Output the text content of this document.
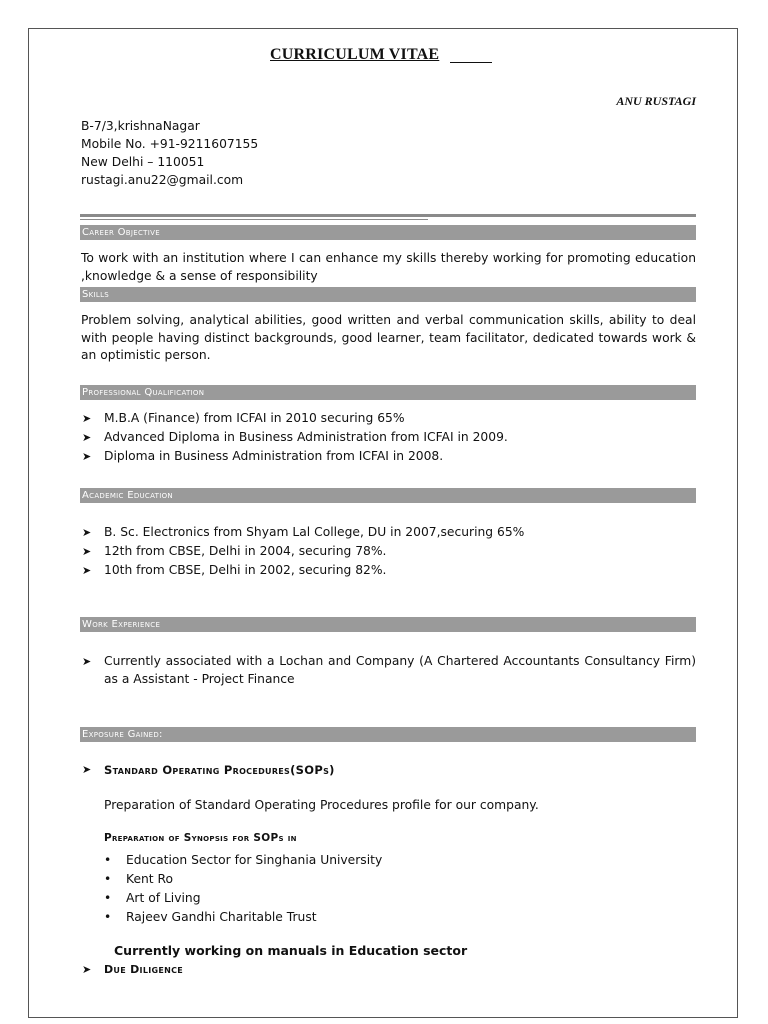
CURRICULUM VITAE
ANU RUSTAGI
B-7/3,krishnaNagar
Mobile No. +91-9211607155
New Delhi – 110051
rustagi.anu22@gmail.com
Career Objective
To work with an institution where I can enhance my skills thereby working for promoting education ,knowledge & a sense of responsibility
Skills
Problem solving, analytical abilities, good written and verbal communication skills, ability to deal with people having distinct backgrounds, good learner, team facilitator, dedicated towards work & an optimistic person.
Professional Qualification
➤ M.B.A (Finance) from ICFAI in 2010 securing 65%
➤ Advanced Diploma in Business Administration from ICFAI in 2009.
➤ Diploma in Business Administration from ICFAI in 2008.
Academic Education
➤ B. Sc. Electronics from Shyam Lal College, DU in 2007,securing 65%
➤ 12th from CBSE, Delhi in 2004, securing 78%.
➤ 10th from CBSE, Delhi in 2002, securing 82%.
Work Experience
➤ Currently associated with a Lochan and Company (A Chartered Accountants Consultancy Firm) as a Assistant - Project Finance
Exposure Gained:
➤ Standard Operating Procedures(SOPs)
Preparation of Standard Operating Procedures profile for our company.
Preparation of Synopsis for SOPs in
• Education Sector for Singhania University
• Kent Ro
• Art of Living
• Rajeev Gandhi Charitable Trust
Currently working on manuals in Education sector
➤ Due Diligence
